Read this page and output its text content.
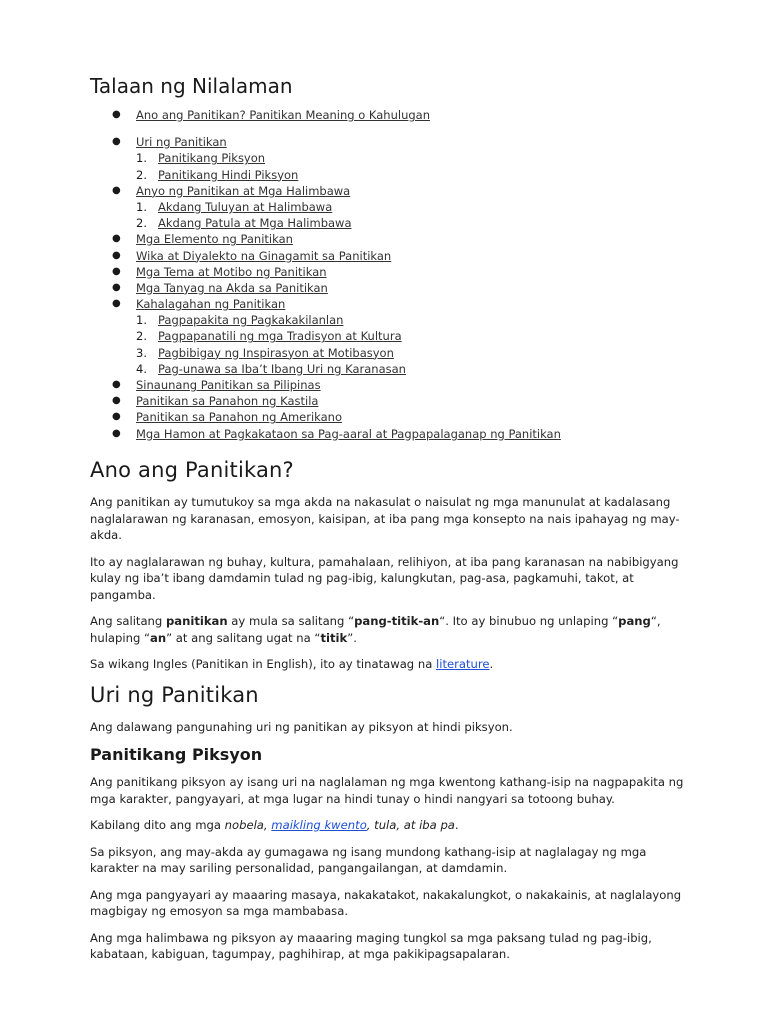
Talaan ng Nilalaman
●	Ano ang Panitikan? Panitikan Meaning o Kahulugan
●	Uri ng Panitikan
1. Panitikang Piksyon
2. Panitikang Hindi Piksyon
●	Anyo ng Panitikan at Mga Halimbawa
1. Akdang Tuluyan at Halimbawa
2. Akdang Patula at Mga Halimbawa
●	Mga Elemento ng Panitikan
●	Wika at Diyalekto na Ginagamit sa Panitikan
●	Mga Tema at Motibo ng Panitikan
●	Mga Tanyag na Akda sa Panitikan
●	Kahalagahan ng Panitikan
1. Pagpapakita ng Pagkakakilanlan
2. Pagpapanatili ng mga Tradisyon at Kultura
3. Pagbibigay ng Inspirasyon at Motibasyon
4. Pag-unawa sa Iba’t Ibang Uri ng Karanasan
●	Sinaunang Panitikan sa Pilipinas
●	Panitikan sa Panahon ng Kastila
●	Panitikan sa Panahon ng Amerikano
●	Mga Hamon at Pagkakataon sa Pag-aaral at Pagpapalaganap ng Panitikan
Ano ang Panitikan?

Ang panitikan ay tumutukoy sa mga akda na nakasulat o naisulat ng mga manunulat at kadalasang naglalarawan ng karanasan, emosyon, kaisipan, at iba pang mga konsepto na nais ipahayag ng may-akda.

Ito ay naglalarawan ng buhay, kultura, pamahalaan, relihiyon, at iba pang karanasan na nabibigyang kulay ng iba’t ibang damdamin tulad ng pag-ibig, kalungkutan, pag-asa, pagkamuhi, takot, at pangamba.

Ang salitang panitikan ay mula sa salitang “pang-titik-an“. Ito ay binubuo ng unlaping “pang“, hulaping “an” at ang salitang ugat na “titik”.

Sa wikang Ingles (Panitikan in English), ito ay tinatawag na literature.

Uri ng Panitikan

Ang dalawang pangunahing uri ng panitikan ay piksyon at hindi piksyon.

Panitikang Piksyon

Ang panitikang piksyon ay isang uri na naglalaman ng mga kwentong kathang-isip na nagpapakita ng mga karakter, pangyayari, at mga lugar na hindi tunay o hindi nangyari sa totoong buhay.

Kabilang dito ang mga nobela, maikling kwento, tula, at iba pa.

Sa piksyon, ang may-akda ay gumagawa ng isang mundong kathang-isip at naglalagay ng mga karakter na may sariling personalidad, pangangailangan, at damdamin.

Ang mga pangyayari ay maaaring masaya, nakakatakot, nakakalungkot, o nakakainis, at naglalayong magbigay ng emosyon sa mga mambabasa.

Ang mga halimbawa ng piksyon ay maaaring maging tungkol sa mga paksang tulad ng pag-ibig, kabataan, kabiguan, tagumpay, paghihirap, at mga pakikipagsapalaran.
